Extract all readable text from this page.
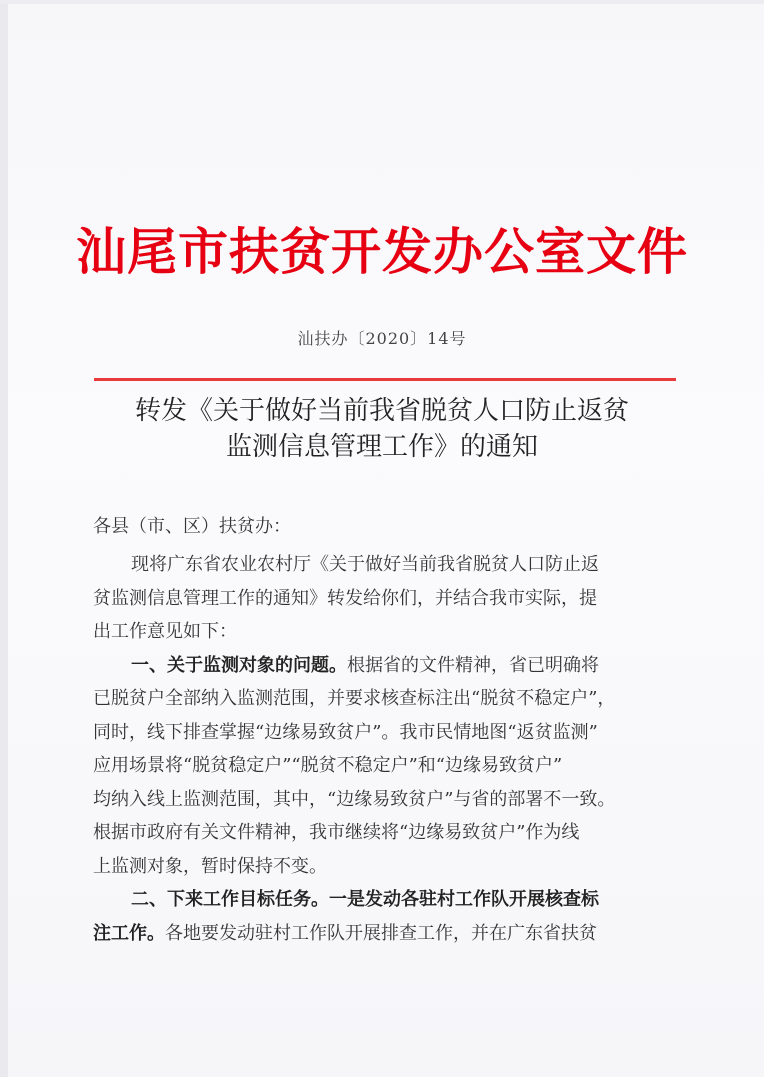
汕尾市扶贫开发办公室文件
汕扶办〔2020〕14号
转发《关于做好当前我省脱贫人口防止返贫
监测信息管理工作》的通知
各县（市、区）扶贫办：
现将广东省农业农村厅《关于做好当前我省脱贫人口防止返
贫监测信息管理工作的通知》转发给你们，并结合我市实际，提
出工作意见如下：
一、关于监测对象的问题。根据省的文件精神，省已明确将
已脱贫户全部纳入监测范围，并要求核查标注出“脱贫不稳定户”，
同时，线下排查掌握“边缘易致贫户”。我市民情地图“返贫监测”
应用场景将“脱贫稳定户”“脱贫不稳定户”和“边缘易致贫户”
均纳入线上监测范围，其中，“边缘易致贫户”与省的部署不一致。
根据市政府有关文件精神，我市继续将“边缘易致贫户”作为线
上监测对象，暂时保持不变。
二、下来工作目标任务。一是发动各驻村工作队开展核查标
注工作。各地要发动驻村工作队开展排查工作，并在广东省扶贫
